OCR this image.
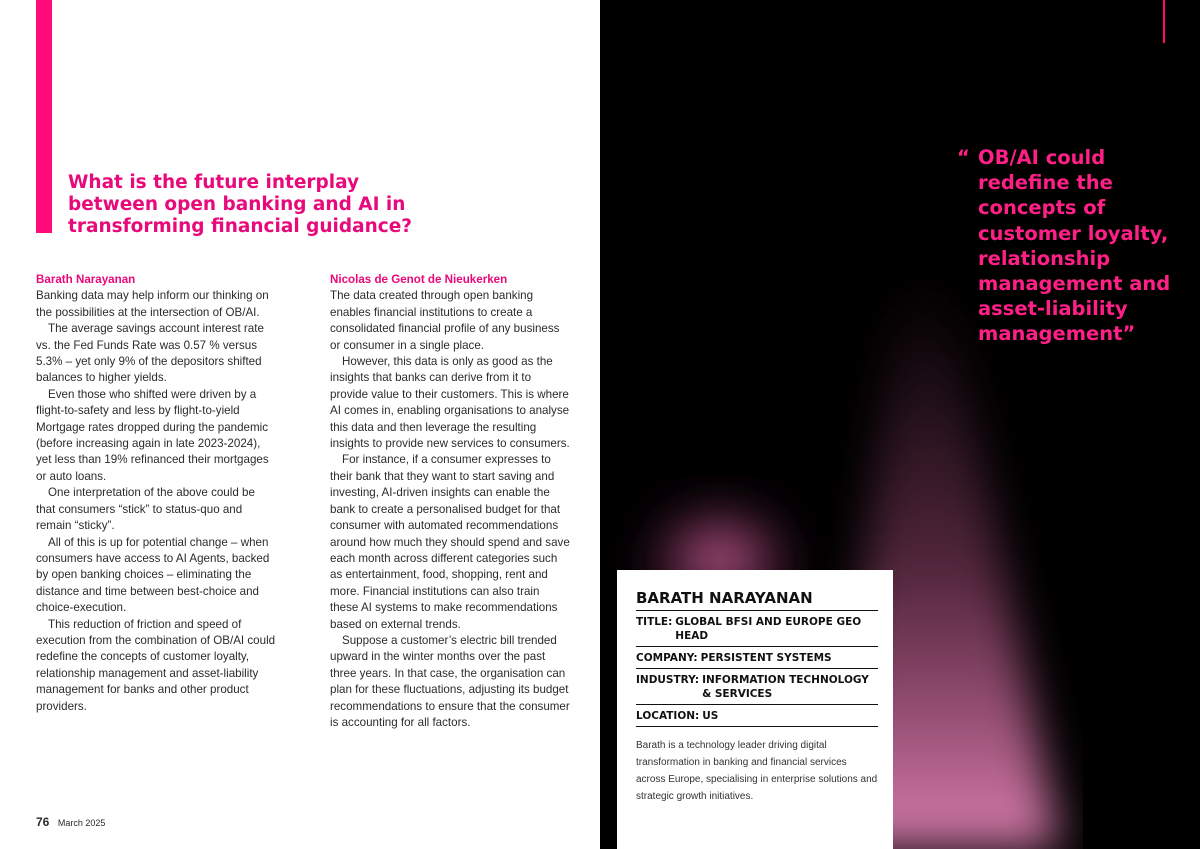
What is the future interplay between open banking and AI in transforming financial guidance?
Barath Narayanan

Banking data may help inform our thinking on the possibilities at the intersection of OB/AI.

The average savings account interest rate vs. the Fed Funds Rate was 0.57 % versus 5.3% – yet only 9% of the depositors shifted balances to higher yields.

Even those who shifted were driven by a flight-to-safety and less by flight-to-yield Mortgage rates dropped during the pandemic (before increasing again in late 2023-2024), yet less than 19% refinanced their mortgages or auto loans.

One interpretation of the above could be that consumers “stick” to status-quo and remain “sticky”.

All of this is up for potential change – when consumers have access to AI Agents, backed by open banking choices – eliminating the distance and time between best-choice and choice-execution.

This reduction of friction and speed of execution from the combination of OB/AI could redefine the concepts of customer loyalty, relationship management and asset-liability management for banks and other product providers.

Nicolas de Genot de Nieukerken

The data created through open banking enables financial institutions to create a consolidated financial profile of any business or consumer in a single place.

However, this data is only as good as the insights that banks can derive from it to provide value to their customers. This is where AI comes in, enabling organisations to analyse this data and then leverage the resulting insights to provide new services to consumers.

For instance, if a consumer expresses to their bank that they want to start saving and investing, AI-driven insights can enable the bank to create a personalised budget for that consumer with automated recommendations around how much they should spend and save each month across different categories such as entertainment, food, shopping, rent and more. Financial institutions can also train these AI systems to make recommendations based on external trends.

Suppose a customer’s electric bill trended upward in the winter months over the past three years. In that case, the organisation can plan for these fluctuations, adjusting its budget recommendations to ensure that the consumer is accounting for all factors.

76 March 2025
“ OB/AI could redefine the concepts of customer loyalty, relationship management and asset-liability management”
BARATH NARAYANAN
TITLE: GLOBAL BFSI AND EUROPE GEO HEAD
COMPANY: PERSISTENT SYSTEMS
INDUSTRY: INFORMATION TECHNOLOGY & SERVICES
LOCATION: US

Barath is a technology leader driving digital transformation in banking and financial services across Europe, specialising in enterprise solutions and strategic growth initiatives.
